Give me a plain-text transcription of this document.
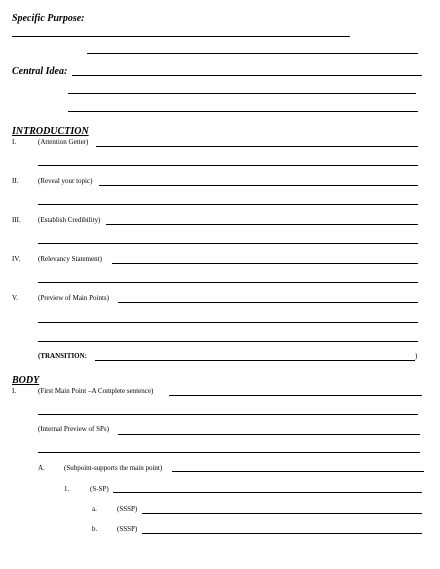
Specific Purpose:
Central Idea:
INTRODUCTION
I.	(Attention Getter)
II.	(Reveal your topic)
III. (Establish Credibility)
IV.	(Relevancy Statement)
V.	(Preview of Main Points)
(TRANSITION:	)
BODY
I.	(First Main Point –A Complete sentence)
(Internal Preview of SPs)
A.	(Subpoint-supports the main point)
1.	(S-SP)
a.	(SSSP)
b.	(SSSP)
